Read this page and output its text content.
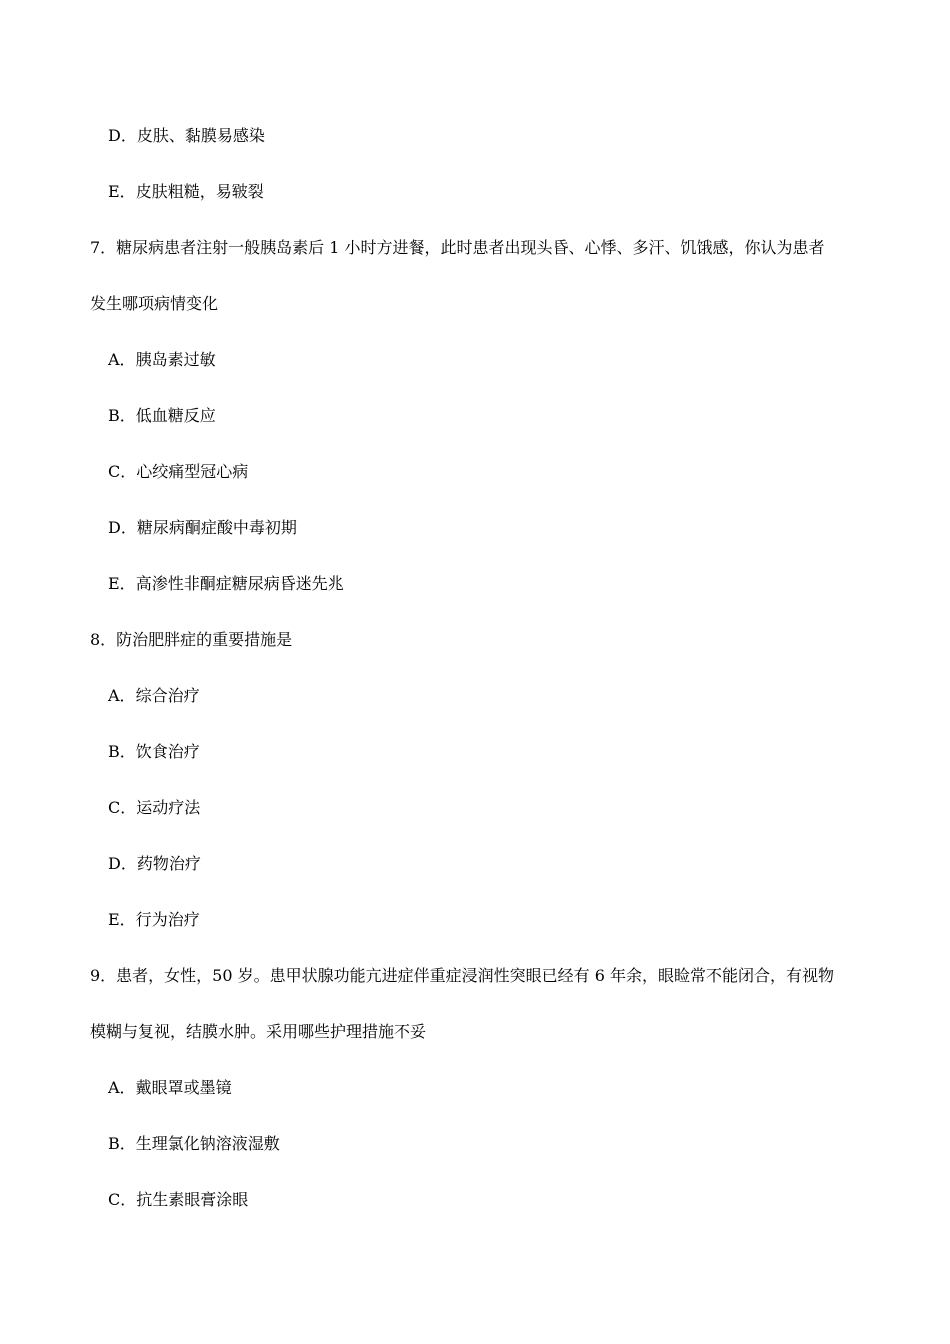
D．皮肤、黏膜易感染
E．皮肤粗糙，易皲裂
7．糖尿病患者注射一般胰岛素后 1 小时方进餐，此时患者出现头昏、心悸、多汗、饥饿感，你认为患者
发生哪项病情变化
A．胰岛素过敏
B．低血糖反应
C．心绞痛型冠心病
D．糖尿病酮症酸中毒初期
E．高渗性非酮症糖尿病昏迷先兆
8．防治肥胖症的重要措施是
A．综合治疗
B．饮食治疗
C．运动疗法
D．药物治疗
E．行为治疗
9．患者，女性，50 岁。患甲状腺功能亢进症伴重症浸润性突眼已经有 6 年余，眼睑常不能闭合，有视物
模糊与复视，结膜水肿。采用哪些护理措施不妥
A．戴眼罩或墨镜
B．生理氯化钠溶液湿敷
C．抗生素眼膏涂眼
